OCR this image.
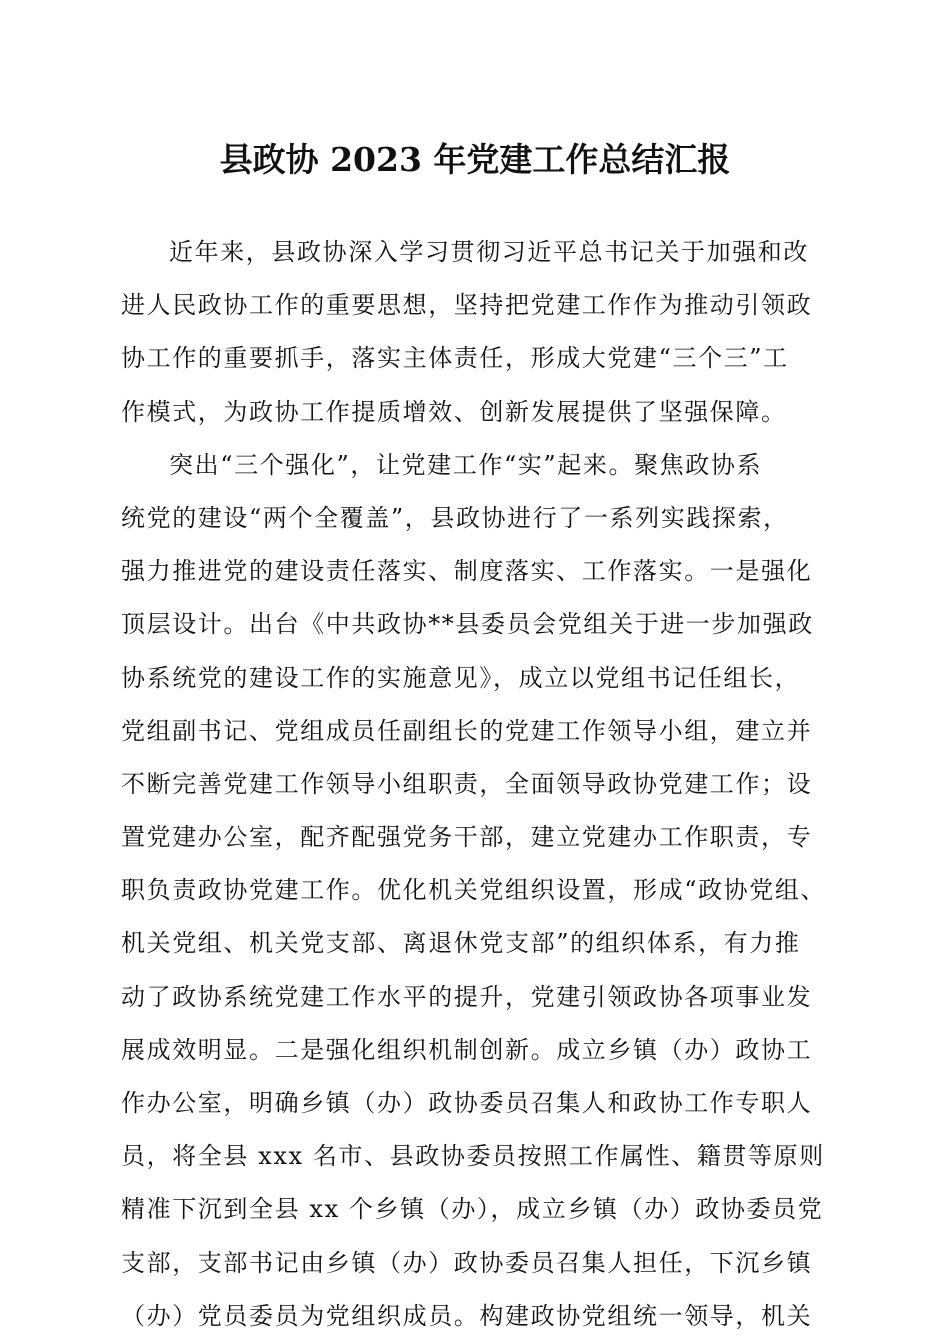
县政协 2023 年党建工作总结汇报
近年来，县政协深入学习贯彻习近平总书记关于加强和改
进人民政协工作的重要思想，坚持把党建工作作为推动引领政
协工作的重要抓手，落实主体责任，形成大党建“三个三”工
作模式，为政协工作提质增效、创新发展提供了坚强保障。
突出“三个强化”，让党建工作“实”起来。聚焦政协系
统党的建设“两个全覆盖”，县政协进行了一系列实践探索，
强力推进党的建设责任落实、制度落实、工作落实。一是强化
顶层设计。出台《中共政协**县委员会党组关于进一步加强政
协系统党的建设工作的实施意见》，成立以党组书记任组长，
党组副书记、党组成员任副组长的党建工作领导小组，建立并
不断完善党建工作领导小组职责，全面领导政协党建工作；设
置党建办公室，配齐配强党务干部，建立党建办工作职责，专
职负责政协党建工作。优化机关党组织设置，形成“政协党组、
机关党组、机关党支部、离退休党支部”的组织体系，有力推
动了政协系统党建工作水平的提升，党建引领政协各项事业发
展成效明显。二是强化组织机制创新。成立乡镇（办）政协工
作办公室，明确乡镇（办）政协委员召集人和政协工作专职人
员，将全县 xxx 名市、县政协委员按照工作属性、籍贯等原则
精准下沉到全县 xx 个乡镇（办），成立乡镇（办）政协委员党
支部，支部书记由乡镇（办）政协委员召集人担任，下沉乡镇
（办）党员委员为党组织成员。构建政协党组统一领导，机关
